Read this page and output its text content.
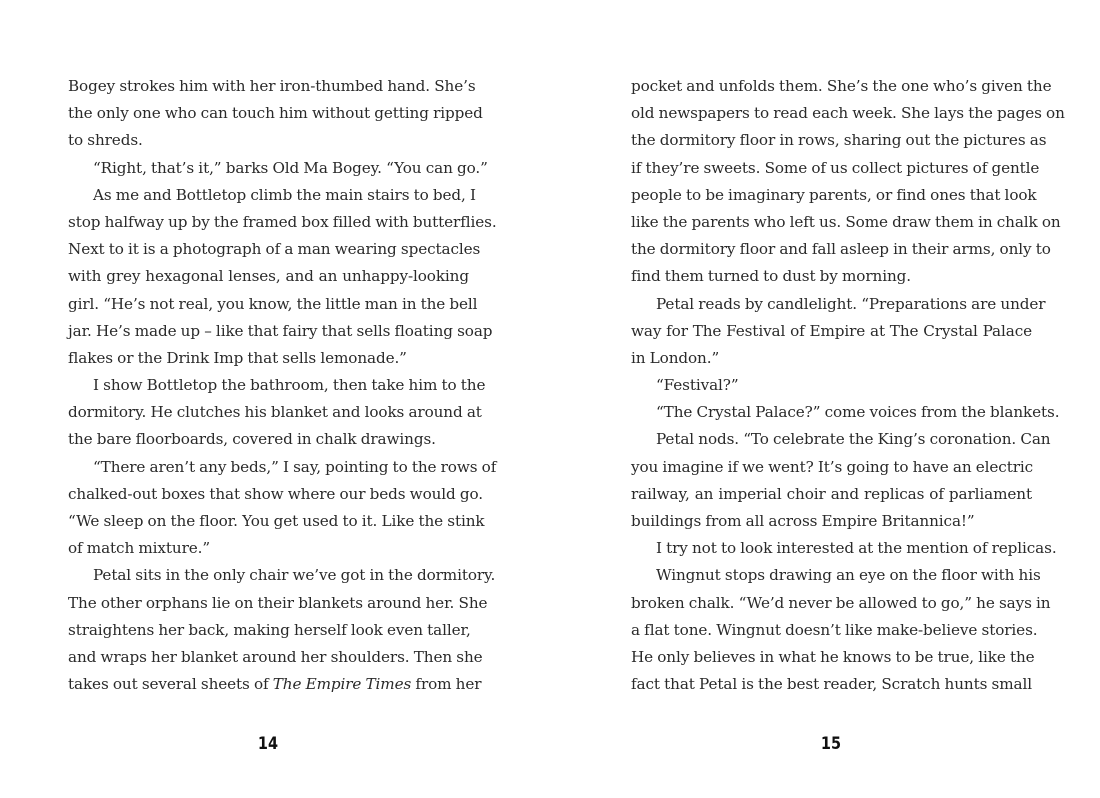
Bogey strokes him with her iron-thumbed hand. She’s
the only one who can touch him without getting ripped
to shreds.
“Right, that’s it,” barks Old Ma Bogey. “You can go.”
As me and Bottletop climb the main stairs to bed, I
stop halfway up by the framed box filled with butterflies.
Next to it is a photograph of a man wearing spectacles
with grey hexagonal lenses, and an unhappy-looking
girl. “He’s not real, you know, the little man in the bell
jar. He’s made up – like that fairy that sells floating soap
flakes or the Drink Imp that sells lemonade.”
I show Bottletop the bathroom, then take him to the
dormitory. He clutches his blanket and looks around at
the bare floorboards, covered in chalk drawings.
“There aren’t any beds,” I say, pointing to the rows of
chalked-out boxes that show where our beds would go.
“We sleep on the floor. You get used to it. Like the stink
of match mixture.”
Petal sits in the only chair we’ve got in the dormitory.
The other orphans lie on their blankets around her. She
straightens her back, making herself look even taller,
and wraps her blanket around her shoulders. Then she
takes out several sheets of The Empire Times from her
pocket and unfolds them. She’s the one who’s given the
old newspapers to read each week. She lays the pages on
the dormitory floor in rows, sharing out the pictures as
if they’re sweets. Some of us collect pictures of gentle
people to be imaginary parents, or find ones that look
like the parents who left us. Some draw them in chalk on
the dormitory floor and fall asleep in their arms, only to
find them turned to dust by morning.
Petal reads by candlelight. “Preparations are under
way for The Festival of Empire at The Crystal Palace
in London.”
“Festival?”
“The Crystal Palace?” come voices from the blankets.
Petal nods. “To celebrate the King’s coronation. Can
you imagine if we went? It’s going to have an electric
railway, an imperial choir and replicas of parliament
buildings from all across Empire Britannica!”
I try not to look interested at the mention of replicas.
Wingnut stops drawing an eye on the floor with his
broken chalk. “We’d never be allowed to go,” he says in
a flat tone. Wingnut doesn’t like make-believe stories.
He only believes in what he knows to be true, like the
fact that Petal is the best reader, Scratch hunts small
14	15
